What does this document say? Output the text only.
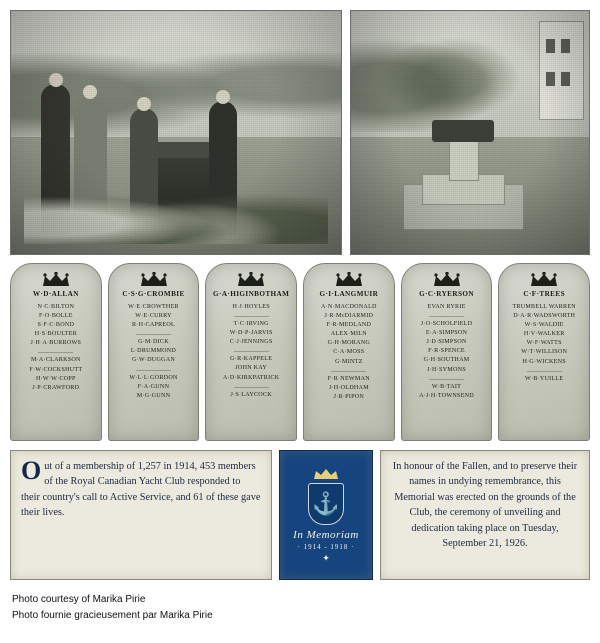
W·D·ALLAN
N·C·BILTON
F·O·BOLLE
S·F·C·BOND
H·S·BOULTER
J·H·A·BURROWS
M·A·CLARKSON
F·W·COCKSHUTT
H·W·W·COPP
J·P·CRAWFORD
C·S·G·CROMBIE
W·E·CROWTHER
W·E·CURRY
R·H·CAPREOL
G·M·DICK
L·DRUMMOND
G·W·DUGGAN
W·L·L·GORDON
F·A·GUNN
M·G·GUNN
G·A·HIGINBOTHAM
H·J·HOYLES
T·C·IRVING
W·D·P·JARVIS
C·J·JENNINGS
G·R·KAPPELE
JOHN KAY
A·D·KIRKPATRICK
J·S·LAYCOCK
G·I·LANGMUIR
A·N·MACDONALD
J·R·McDIARMID
F·R·MEDLAND
ALEX·MILN
G·H·MORANG
C·A·MOSS
G·MINTZ
F·R·NEWMAN
J·H·OLDHAM
J·R·PIPON
G·C·RYERSON
EVAN RYRIE
J·O·SCHOLFIELD
E·A·SIMPSON
J·D·SIMPSON
F·R·SPENCE
G·H·SOUTHAM
J·H·SYMONS
W·B·TAIT
A·J·H·TOWNSEND
C·F·TREES
TRUMBELL WARREN
D·A·R·WADSWORTH
W·S·WALDIE
H·V·WALKER
W·F·WATTS
W·T·WILLISON
H·G·WICKENS
W·B·YUILLE

Out of a membership of 1,257 in 1914, 453 members of the Royal Canadian Yacht Club responded to their country's call to Active Service, and 61 of these gave their lives.	⚓
In Memoriam
· 1914 - 1918 ·
✦

In honour of the Fallen, and to preserve their names in undying remembrance, this Memorial was erected on the grounds of the Club, the ceremony of unveiling and dedication taking place on Tuesday, September 21, 1926.

Photo courtesy of Marika Pirie
Photo fournie gracieusement par Marika Pirie
